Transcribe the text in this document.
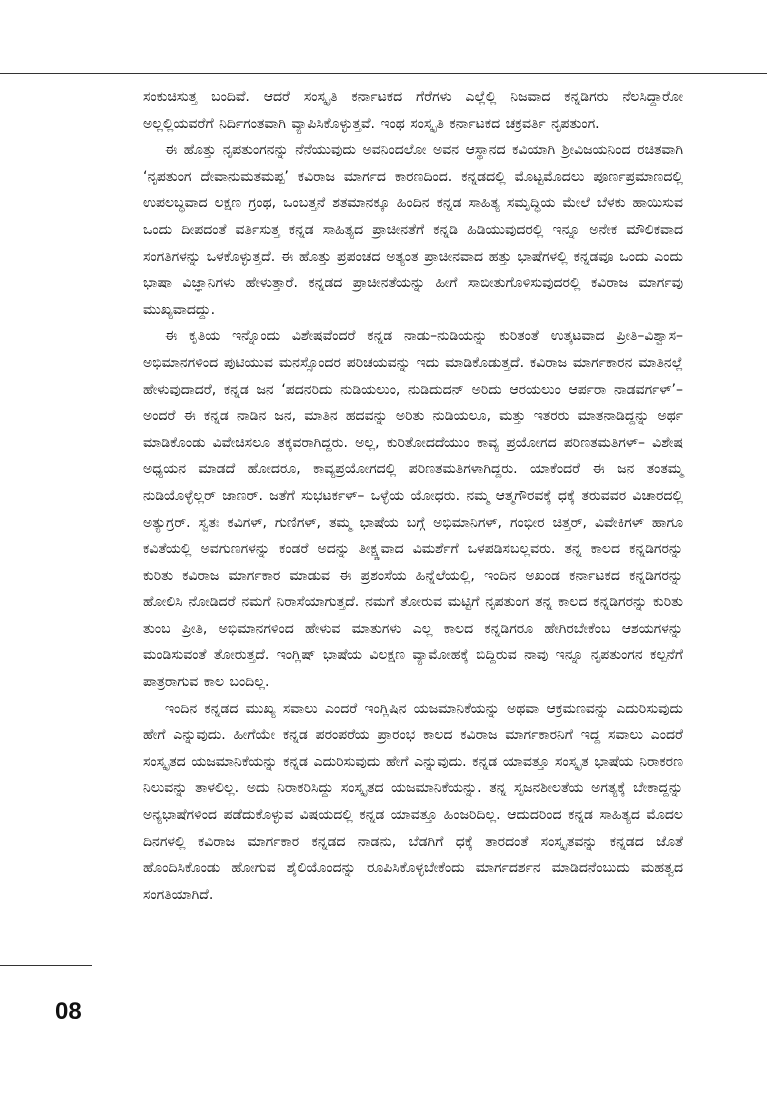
ಸಂಕುಚಿಸುತ್ತ ಬಂದಿವೆ. ಆದರೆ ಸಂಸ್ಕೃತಿ ಕರ್ನಾಟಕದ ಗೆರೆಗಳು ಎಲ್ಲೆಲ್ಲಿ ನಿಜವಾದ ಕನ್ನಡಿಗರು ನೆಲಸಿದ್ದಾರೋ ಅಲ್ಲಲ್ಲಿಯವರೆಗೆ ನಿರ್ದಿಗಂತವಾಗಿ ವ್ಯಾಪಿಸಿಕೊಳ್ಳುತ್ತವೆ. ಇಂಥ ಸಂಸ್ಕೃತಿ ಕರ್ನಾಟಕದ ಚಕ್ರವರ್ತಿ ನೃಪತುಂಗ.

ಈ ಹೊತ್ತು ನೃಪತುಂಗನನ್ನು ನೆನೆಯುವುದು ಅವನಿಂದಲೋ ಅವನ ಆಸ್ಥಾನದ ಕವಿಯಾಗಿ ಶ್ರೀವಿಜಯನಿಂದ ರಚಿತವಾಗಿ ‘ನೃಪತುಂಗ ದೇವಾನುಮತಮಪ್ಪ’ ಕವಿರಾಜ ಮಾರ್ಗದ ಕಾರಣದಿಂದ. ಕನ್ನಡದಲ್ಲಿ ಮೊಟ್ಟಮೊದಲು ಪೂರ್ಣಪ್ರಮಾಣದಲ್ಲಿ ಉಪಲಬ್ಧವಾದ ಲಕ್ಷಣ ಗ್ರಂಥ, ಒಂಬತ್ತನೆ ಶತಮಾನಕ್ಕೂ ಹಿಂದಿನ ಕನ್ನಡ ಸಾಹಿತ್ಯ ಸಮೃದ್ಧಿಯ ಮೇಲೆ ಬೆಳಕು ಹಾಯಿಸುವ ಒಂದು ದೀಪದಂತೆ ವರ್ತಿಸುತ್ತ ಕನ್ನಡ ಸಾಹಿತ್ಯದ ಪ್ರಾಚೀನತೆಗೆ ಕನ್ನಡಿ ಹಿಡಿಯುವುದರಲ್ಲಿ ಇನ್ನೂ ಅನೇಕ ಮೌಲಿಕವಾದ ಸಂಗತಿಗಳನ್ನು ಒಳಕೊಳ್ಳುತ್ತದೆ. ಈ ಹೊತ್ತು ಪ್ರಪಂಚದ ಅತ್ಯಂತ ಪ್ರಾಚೀನವಾದ ಹತ್ತು ಭಾಷೆಗಳಲ್ಲಿ ಕನ್ನಡವೂ ಒಂದು ಎಂದು ಭಾಷಾ ವಿಜ್ಞಾನಿಗಳು ಹೇಳುತ್ತಾರೆ. ಕನ್ನಡದ ಪ್ರಾಚೀನತೆಯನ್ನು ಹೀಗೆ ಸಾಬೀತುಗೊಳಿಸುವುದರಲ್ಲಿ ಕವಿರಾಜ ಮಾರ್ಗವು ಮುಖ್ಯವಾದದ್ದು.

ಈ ಕೃತಿಯ ಇನ್ನೊಂದು ವಿಶೇಷವೆಂದರೆ ಕನ್ನಡ ನಾಡು–ನುಡಿಯನ್ನು ಕುರಿತಂತೆ ಉತ್ಕಟವಾದ ಪ್ರೀತಿ–ವಿಶ್ವಾಸ–ಅಭಿಮಾನಗಳಿಂದ ಪುಟಿಯುವ ಮನಸ್ಸೊಂದರ ಪರಿಚಯವನ್ನು ಇದು ಮಾಡಿಕೊಡುತ್ತದೆ. ಕವಿರಾಜ ಮಾರ್ಗಕಾರನ ಮಾತಿನಲ್ಲೆ ಹೇಳುವುದಾದರೆ, ಕನ್ನಡ ಜನ ‘ಪದನರಿದು ನುಡಿಯಲುಂ, ನುಡಿದುದನ್ ಅರಿದು ಆರಯಲುಂ ಆರ್ಪರಾ ನಾಡವರ್ಗಳ್’– ಅಂದರೆ ಈ ಕನ್ನಡ ನಾಡಿನ ಜನ, ಮಾತಿನ ಹದವನ್ನು ಅರಿತು ನುಡಿಯಲೂ, ಮತ್ತು ಇತರರು ಮಾತನಾಡಿದ್ದನ್ನು ಅರ್ಥ ಮಾಡಿಕೊಂಡು ವಿವೇಚಿಸಲೂ ತಕ್ಕವರಾಗಿದ್ದರು. ಅಲ್ಲ, ಕುರಿತೋದದೆಯುಂ ಕಾವ್ಯ ಪ್ರಯೋಗದ ಪರಿಣತಮತಿಗಳ್– ವಿಶೇಷ ಅಧ್ಯಯನ ಮಾಡದೆ ಹೋದರೂ, ಕಾವ್ಯಪ್ರಯೋಗದಲ್ಲಿ ಪರಿಣತಮತಿಗಳಾಗಿದ್ದರು. ಯಾಕೆಂದರೆ ಈ ಜನ ತಂತಮ್ಮ ನುಡಿಯೊಳ್ಳೆಲ್ಲರ್ ಜಾಣರ್. ಜತೆಗೆ ಸುಭಟರ್ಕಳ್– ಒಳ್ಳೆಯ ಯೋಧರು. ನಮ್ಮ ಆತ್ಮಗೌರವಕ್ಕೆ ಧಕ್ಕೆ ತರುವವರ ವಿಚಾರದಲ್ಲಿ ಅತ್ಯುಗ್ರರ್. ಸ್ವತಃ ಕವಿಗಳ್, ಗುಣಿಗಳ್, ತಮ್ಮ ಭಾಷೆಯ ಬಗ್ಗೆ ಅಭಿಮಾನಿಗಳ್, ಗಂಭೀರ ಚಿತ್ತರ್, ವಿವೇಕಿಗಳ್ ಹಾಗೂ ಕವಿತೆಯಲ್ಲಿ ಅವಗುಣಗಳನ್ನು ಕಂಡರೆ ಅದನ್ನು ತೀಕ್ಷ್ಣವಾದ ವಿಮರ್ಶೆಗೆ ಒಳಪಡಿಸಬಲ್ಲವರು. ತನ್ನ ಕಾಲದ ಕನ್ನಡಿಗರನ್ನು ಕುರಿತು ಕವಿರಾಜ ಮಾರ್ಗಕಾರ ಮಾಡುವ ಈ ಪ್ರಶಂಸೆಯ ಹಿನ್ನೆಲೆಯಲ್ಲಿ, ಇಂದಿನ ಅಖಂಡ ಕರ್ನಾಟಕದ ಕನ್ನಡಿಗರನ್ನು ಹೋಲಿಸಿ ನೋಡಿದರೆ ನಮಗೆ ನಿರಾಸೆಯಾಗುತ್ತದೆ. ನಮಗೆ ತೋರುವ ಮಟ್ಟಿಗೆ ನೃಪತುಂಗ ತನ್ನ ಕಾಲದ ಕನ್ನಡಿಗರನ್ನು ಕುರಿತು ತುಂಬ ಪ್ರೀತಿ, ಅಭಿಮಾನಗಳಿಂದ ಹೇಳುವ ಮಾತುಗಳು ಎಲ್ಲ ಕಾಲದ ಕನ್ನಡಿಗರೂ ಹೇಗಿರಬೇಕೆಂಬ ಆಶಯಗಳನ್ನು ಮಂಡಿಸುವಂತೆ ತೋರುತ್ತದೆ. ಇಂಗ್ಲಿಷ್ ಭಾಷೆಯ ವಿಲಕ್ಷಣ ವ್ಯಾಮೋಹಕ್ಕೆ ಬಿದ್ದಿರುವ ನಾವು ಇನ್ನೂ ನೃಪತುಂಗನ ಕಲ್ಪನೆಗೆ ಪಾತ್ರರಾಗುವ ಕಾಲ ಬಂದಿಲ್ಲ.

ಇಂದಿನ ಕನ್ನಡದ ಮುಖ್ಯ ಸವಾಲು ಎಂದರೆ ಇಂಗ್ಲಿಷಿನ ಯಜಮಾನಿಕೆಯನ್ನು ಅಥವಾ ಆಕ್ರಮಣವನ್ನು ಎದುರಿಸುವುದು ಹೇಗೆ ಎನ್ನುವುದು. ಹೀಗೆಯೇ ಕನ್ನಡ ಪರಂಪರೆಯ ಪ್ರಾರಂಭ ಕಾಲದ ಕವಿರಾಜ ಮಾರ್ಗಕಾರನಿಗೆ ಇದ್ದ ಸವಾಲು ಎಂದರೆ ಸಂಸ್ಕೃತದ ಯಜಮಾನಿಕೆಯನ್ನು ಕನ್ನಡ ಎದುರಿಸುವುದು ಹೇಗೆ ಎನ್ನುವುದು. ಕನ್ನಡ ಯಾವತ್ತೂ ಸಂಸ್ಕೃತ ಭಾಷೆಯ ನಿರಾಕರಣ ನಿಲುವನ್ನು ತಾಳಲಿಲ್ಲ. ಅದು ನಿರಾಕರಿಸಿದ್ದು ಸಂಸ್ಕೃತದ ಯಜಮಾನಿಕೆಯನ್ನು. ತನ್ನ ಸೃಜನಶೀಲತೆಯ ಅಗತ್ಯಕ್ಕೆ ಬೇಕಾದ್ದನ್ನು ಅನ್ಯಭಾಷೆಗಳಿಂದ ಪಡೆದುಕೊಳ್ಳುವ ವಿಷಯದಲ್ಲಿ ಕನ್ನಡ ಯಾವತ್ತೂ ಹಿಂಜರಿದಿಲ್ಲ. ಆದುದರಿಂದ ಕನ್ನಡ ಸಾಹಿತ್ಯದ ಮೊದಲ ದಿನಗಳಲ್ಲಿ ಕವಿರಾಜ ಮಾರ್ಗಕಾರ ಕನ್ನಡದ ನಾಡನು, ಬೆಡಗಿಗೆ ಧಕ್ಕೆ ತಾರದಂತೆ ಸಂಸ್ಕೃತವನ್ನು ಕನ್ನಡದ ಜೊತೆ ಹೊಂದಿಸಿಕೊಂಡು ಹೋಗುವ ಶೈಲಿಯೊಂದನ್ನು ರೂಪಿಸಿಕೊಳ್ಳಬೇಕೆಂದು ಮಾರ್ಗದರ್ಶನ ಮಾಡಿದನೆಂಬುದು ಮಹತ್ವದ ಸಂಗತಿಯಾಗಿದೆ.

08
